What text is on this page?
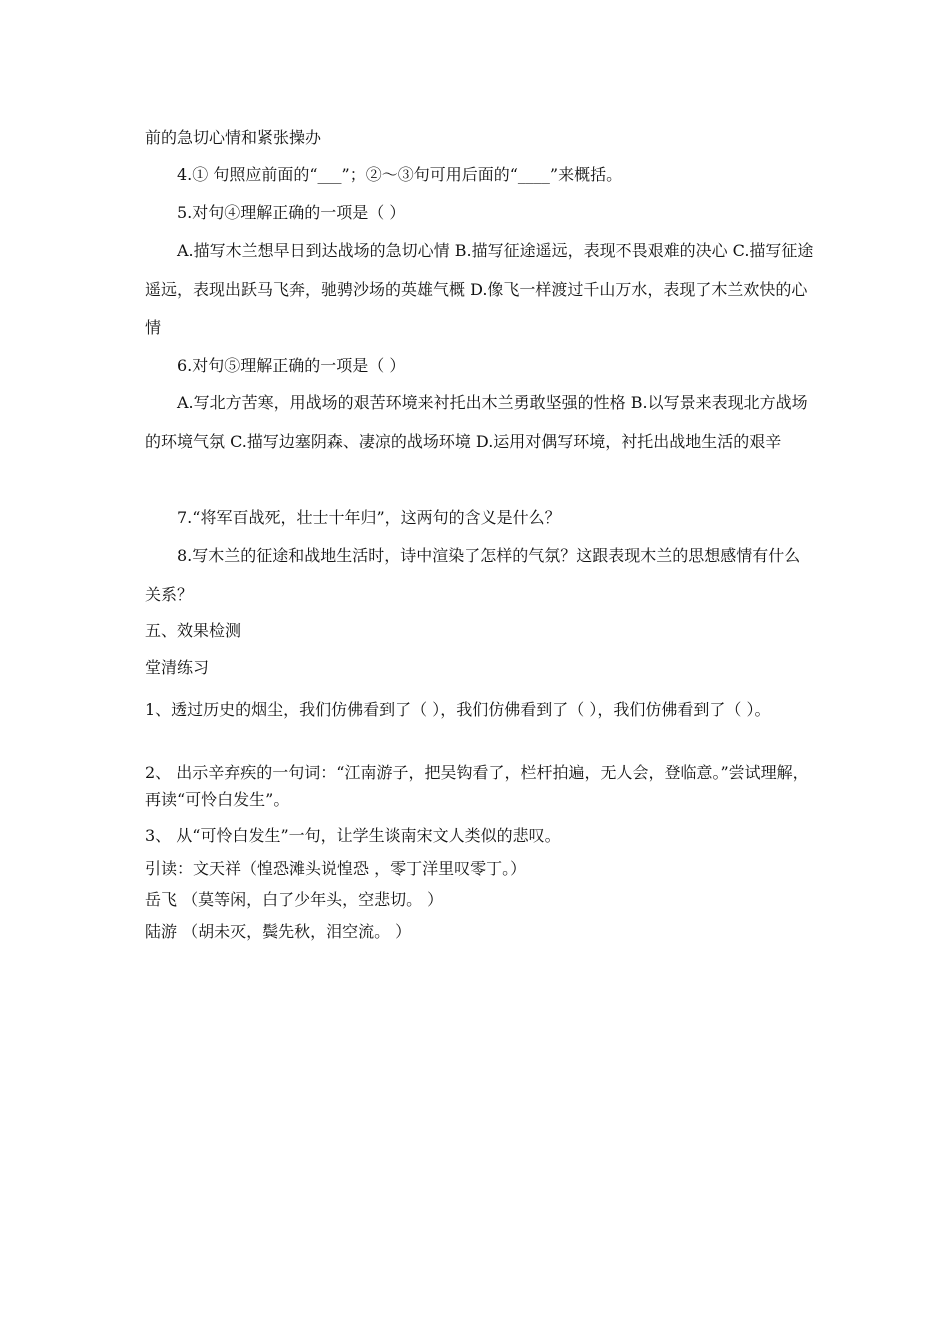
前的急切心情和紧张操办

4.① 句照应前面的“___”；②～③句可用后面的“____”来概括。

5.对句④理解正确的一项是（ ）

A.描写木兰想早日到达战场的急切心情 B.描写征途遥远，表现不畏艰难的决心 C.描写征途遥远，表现出跃马飞奔，驰骋沙场的英雄气概 D.像飞一样渡过千山万水，表现了木兰欢快的心情

6.对句⑤理解正确的一项是（ ）

A.写北方苦寒，用战场的艰苦环境来衬托出木兰勇敢坚强的性格 B.以写景来表现北方战场的环境气氛 C.描写边塞阴森、凄凉的战场环境 D.运用对偶写环境，衬托出战地生活的艰辛

7.“将军百战死，壮士十年归”，这两句的含义是什么？

8.写木兰的征途和战地生活时，诗中渲染了怎样的气氛？这跟表现木兰的思想感情有什么关系？

五、效果检测

堂清练习

1、透过历史的烟尘，我们仿佛看到了（ ），我们仿佛看到了（ ），我们仿佛看到了（ ）。

2、 出示辛弃疾的一句词：“江南游子，把吴钩看了，栏杆拍遍，无人会，登临意。”尝试理解，再读“可怜白发生”。

3、 从“可怜白发生”一句，让学生谈南宋文人类似的悲叹。

引读：文天祥（惶恐滩头说惶恐 ，零丁洋里叹零丁。）

岳飞 （莫等闲，白了少年头，空悲切。 ）

陆游 （胡未灭，鬓先秋，泪空流。 ）
